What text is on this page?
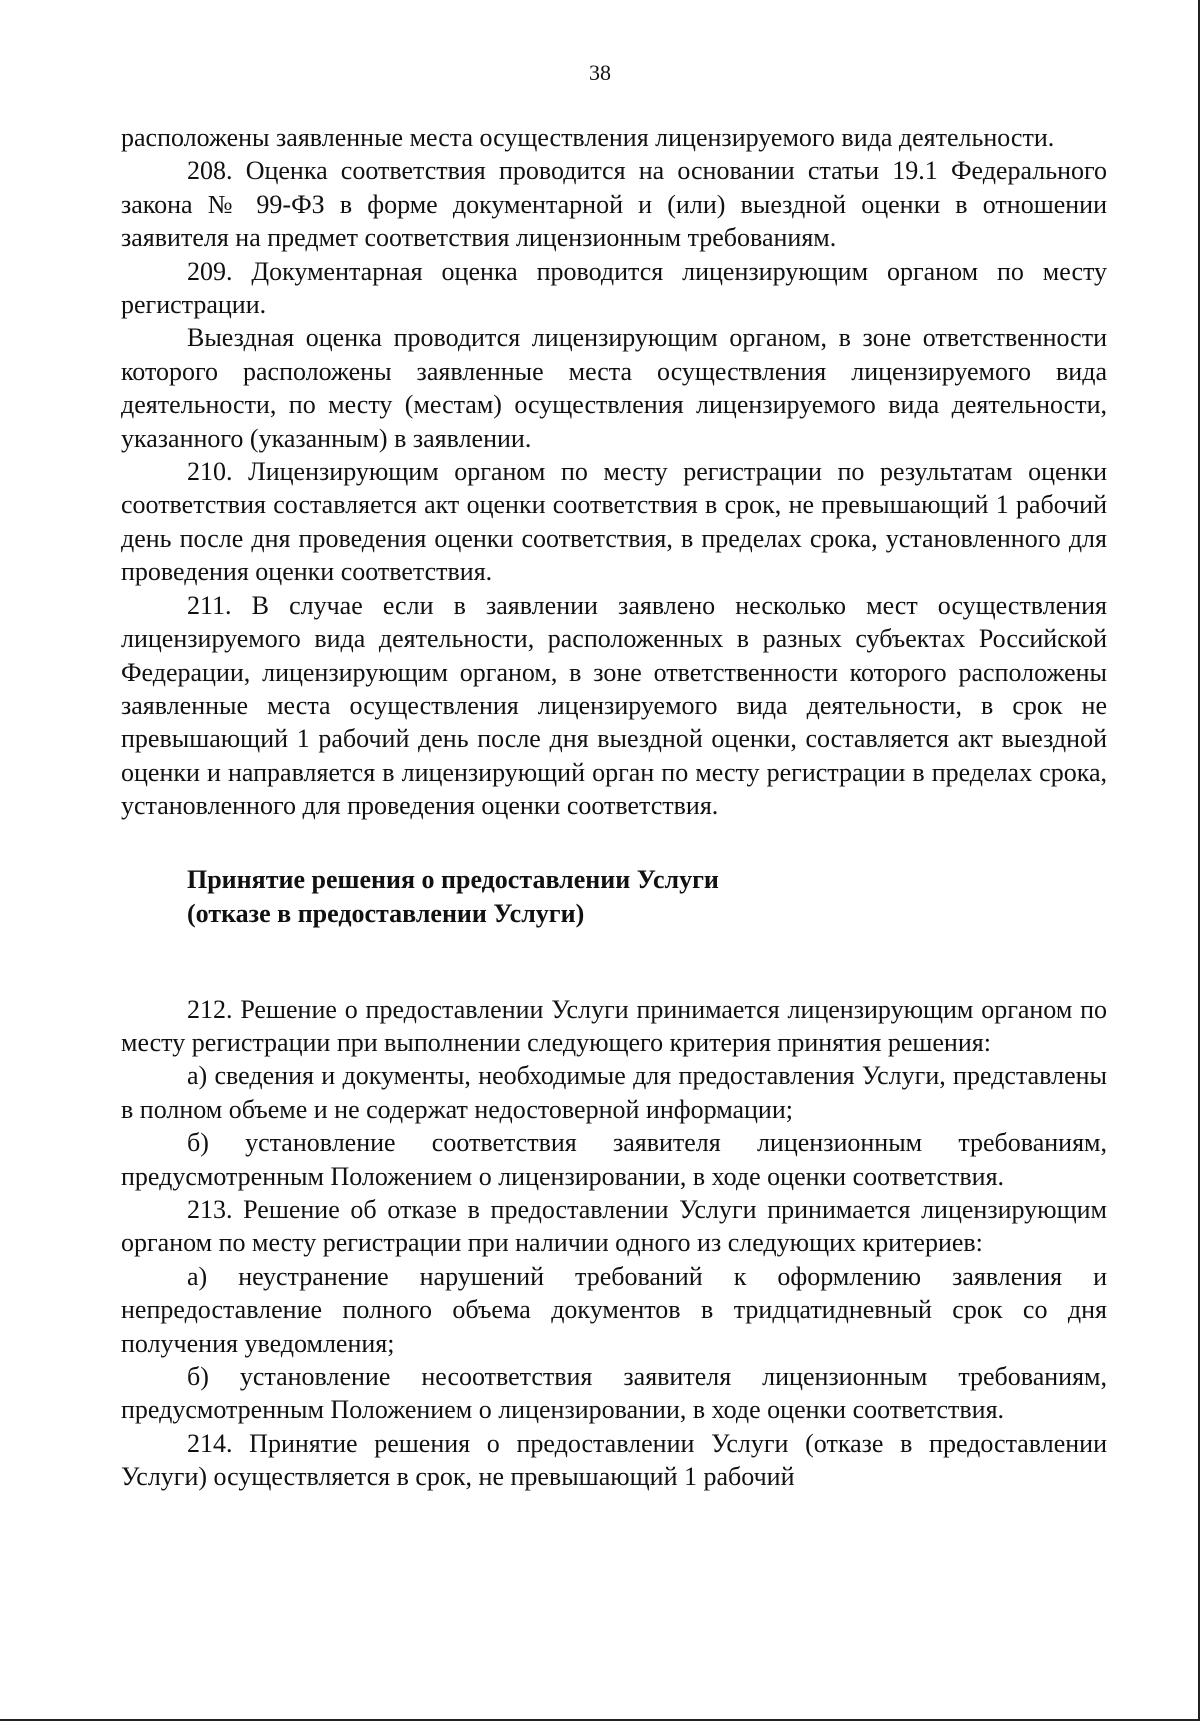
38

расположены заявленные места осуществления лицензируемого вида деятельности.

208. Оценка соответствия проводится на основании статьи 19.1 Федерального закона № 99-ФЗ в форме документарной и (или) выездной оценки в отношении заявителя на предмет соответствия лицензионным требованиям.

209. Документарная оценка проводится лицензирующим органом по месту регистрации.

Выездная оценка проводится лицензирующим органом, в зоне ответственности которого расположены заявленные места осуществления лицензируемого вида деятельности, по месту (местам) осуществления лицензируемого вида деятельности, указанного (указанным) в заявлении.

210. Лицензирующим органом по месту регистрации по результатам оценки соответствия составляется акт оценки соответствия в срок, не превышающий 1 рабочий день после дня проведения оценки соответствия, в пределах срока, установленного для проведения оценки соответствия.

211. В случае если в заявлении заявлено несколько мест осуществления лицензируемого вида деятельности, расположенных в разных субъектах Российской Федерации, лицензирующим органом, в зоне ответственности которого расположены заявленные места осуществления лицензируемого вида деятельности, в срок не превышающий 1 рабочий день после дня выездной оценки, составляется акт выездной оценки и направляется в лицензирующий орган по месту регистрации в пределах срока, установленного для проведения оценки соответствия.

Принятие решения о предоставлении Услуги

(отказе в предоставлении Услуги)

212. Решение о предоставлении Услуги принимается лицензирующим органом по месту регистрации при выполнении следующего критерия принятия решения:

а) сведения и документы, необходимые для предоставления Услуги, представлены в полном объеме и не содержат недостоверной информации;

б) установление соответствия заявителя лицензионным требованиям, предусмотренным Положением о лицензировании, в ходе оценки соответствия.

213. Решение об отказе в предоставлении Услуги принимается лицензирующим органом по месту регистрации при наличии одного из следующих критериев:

а) неустранение нарушений требований к оформлению заявления и непредоставление полного объема документов в тридцатидневный срок со дня получения уведомления;

б) установление несоответствия заявителя лицензионным требованиям, предусмотренным Положением о лицензировании, в ходе оценки соответствия.

214. Принятие решения о предоставлении Услуги (отказе в предоставлении Услуги) осуществляется в срок, не превышающий 1 рабочий
